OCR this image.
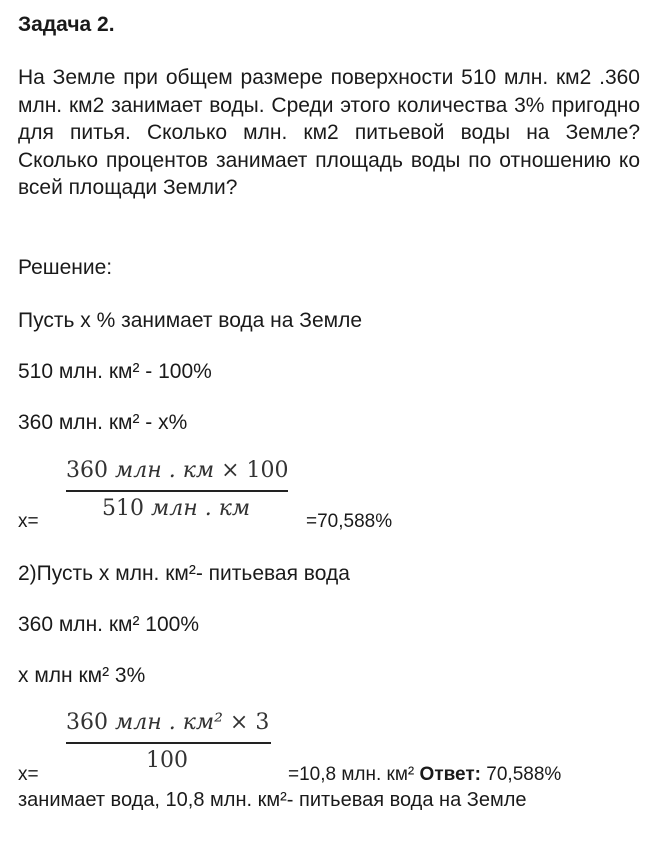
Задача 2.

На Земле при общем размере поверхности 510 млн. км2 .360 млн. км2 занимает воды. Среди этого количества 3% пригодно для питья. Сколько млн. км2 питьевой воды на Земле? Сколько процентов занимает площадь воды по отношению ко всей площади Земли?

Решение:

Пусть х % занимает вода на Земле

510 млн. км² - 100%

360 млн. км² - х%

360 млн . км × 100
510 млн . км
х=	=70,588%

2)Пусть х млн. км²- питьевая вода

360 млн. км² 100%

х млн км² 3%

360 млн . км² × 3
100
х=	=10,8 млн. км² Ответ: 70,588%

занимает вода, 10,8 млн. км²- питьевая вода на Земле
